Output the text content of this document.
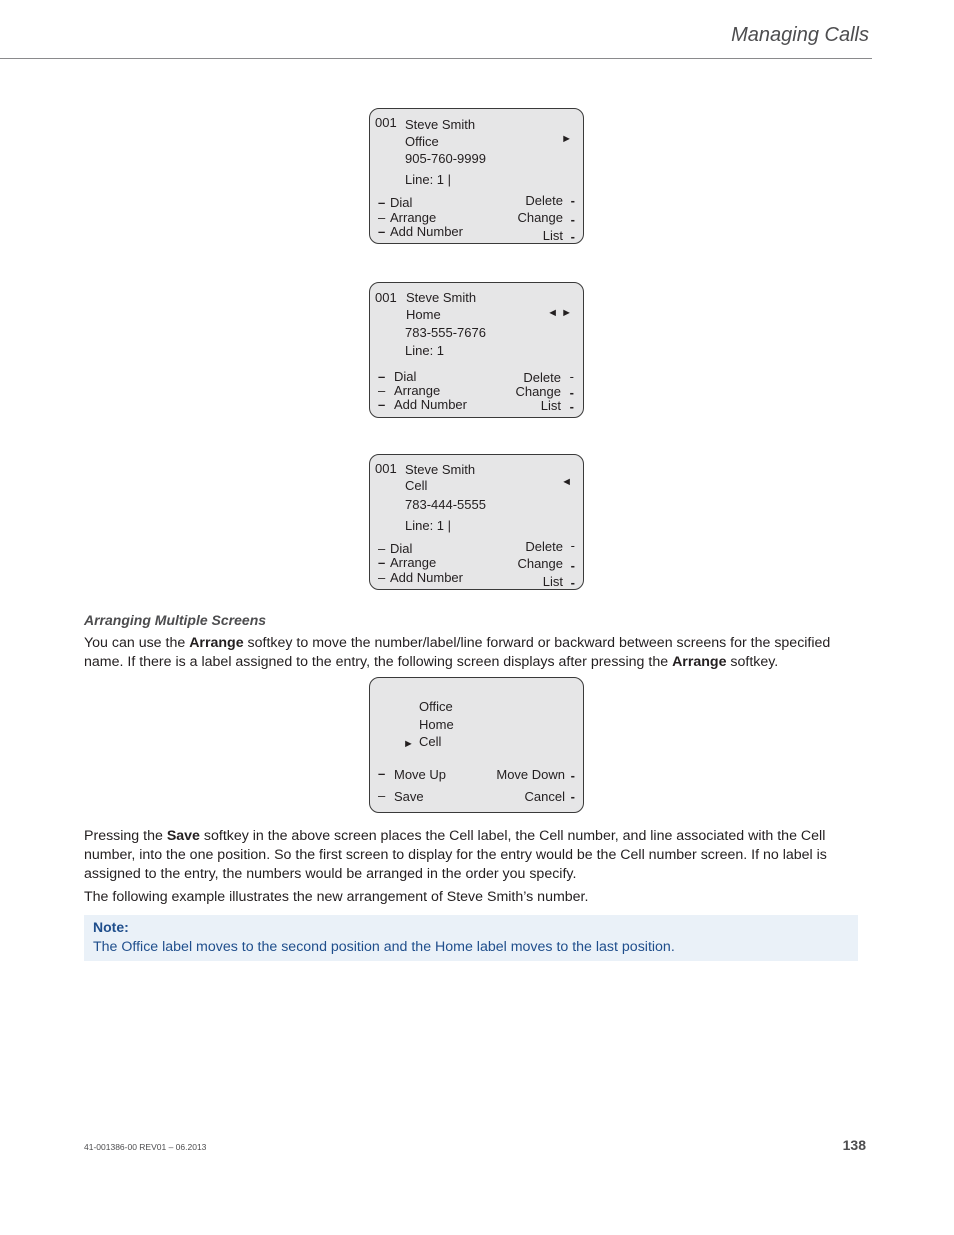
Managing Calls
001 Steve Smith
Office
905-760-9999
Line: 1 |
►
– Dial
– Arrange
– Add Number
Delete -
Change -
List -
001 Steve Smith
Home
783-555-7676
Line: 1
◄ ►
– Dial
– Arrange
– Add Number
Delete -
Change -
List -
001 Steve Smith
Cell
783-444-5555
Line: 1 |
◄
– Dial
– Arrange
– Add Number
Delete -
Change -
List -
Arranging Multiple Screens

You can use the Arrange softkey to move the number/label/line forward or backward between screens for the specified name. If there is a label assigned to the entry, the following screen displays after pressing the Arrange softkey.

Office
Home
► Cell
– Move Up
– Save
Move Down -
Cancel -

Pressing the Save softkey in the above screen places the Cell label, the Cell number, and line associated with the Cell number, into the one position. So the first screen to display for the entry would be the Cell number screen. If no label is assigned to the entry, the numbers would be arranged in the order you specify.

The following example illustrates the new arrangement of Steve Smith’s number.

Note:
The Office label moves to the second position and the Home label moves to the last position.
41-001386-00 REV01 – 06.2013	138
